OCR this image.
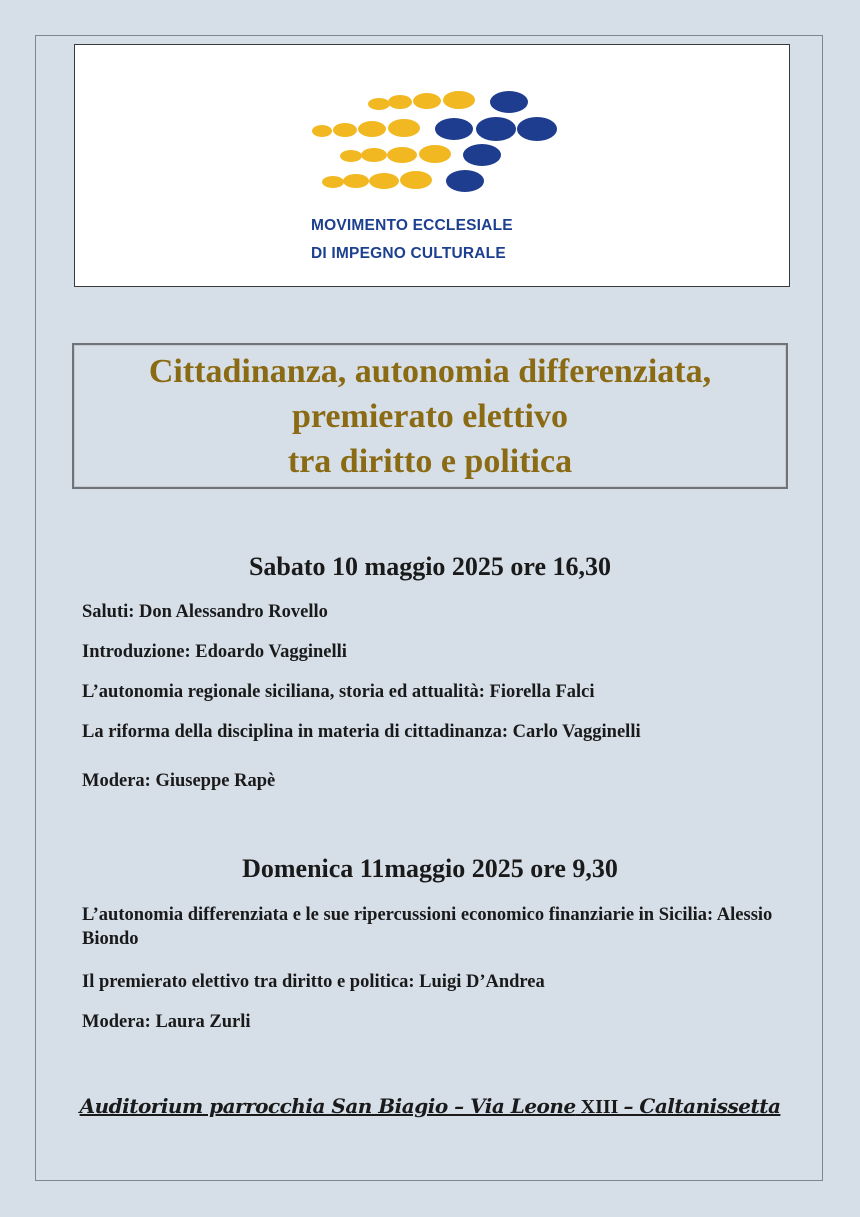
MOVIMENTO ECCLESIALE
DI IMPEGNO CULTURALE
Cittadinanza, autonomia differenziata,
premierato elettivo
tra diritto e politica
Sabato 10 maggio 2025 ore 16,30
Saluti: Don Alessandro Rovello
Introduzione: Edoardo Vagginelli
L’autonomia regionale siciliana, storia ed attualità: Fiorella Falci
La riforma della disciplina in materia di cittadinanza: Carlo Vagginelli
Modera: Giuseppe Rapè
Domenica 11maggio 2025 ore 9,30
L’autonomia differenziata e le sue ripercussioni economico finanziarie in Sicilia: Alessio Biondo
Il premierato elettivo tra diritto e politica: Luigi D’Andrea
Modera: Laura Zurli
Auditorium parrocchia San Biagio – Via Leone XIII – Caltanissetta
